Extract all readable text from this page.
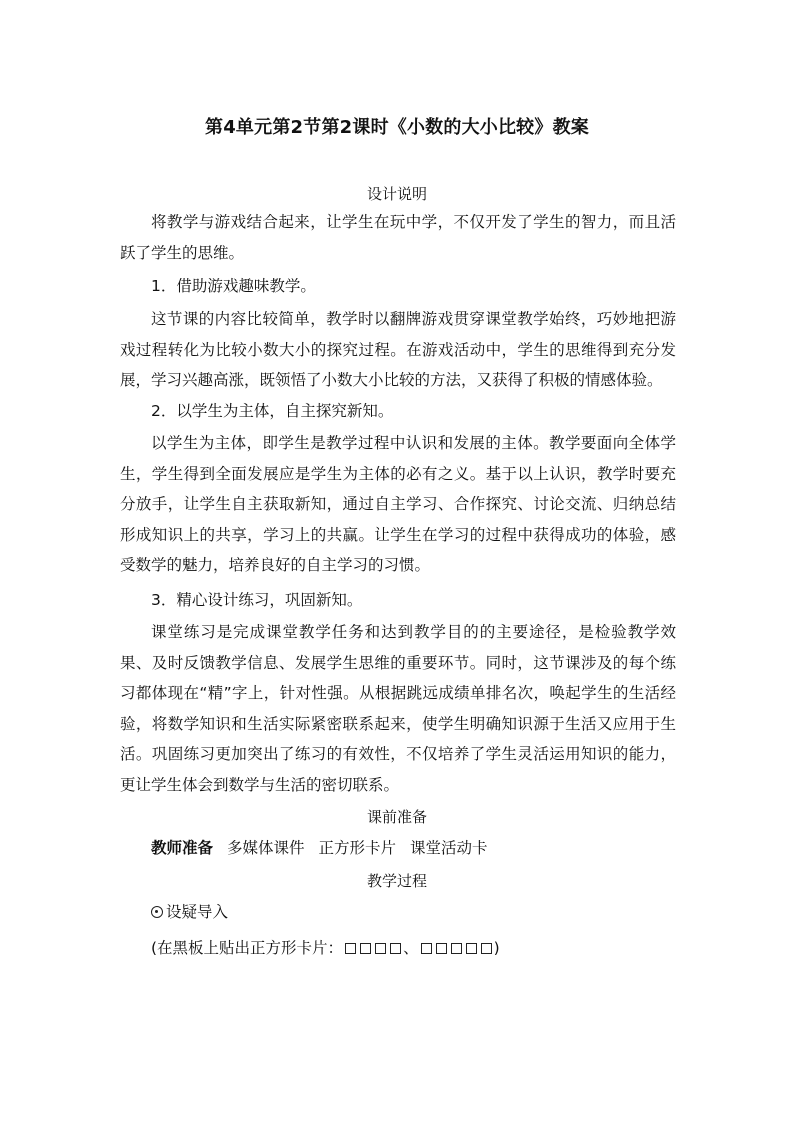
第4单元第2节第2课时《小数的大小比较》教案
设计说明

将教学与游戏结合起来，让学生在玩中学，不仅开发了学生的智力，而且活跃了学生的思维。

1．借助游戏趣味教学。

这节课的内容比较简单，教学时以翻牌游戏贯穿课堂教学始终，巧妙地把游戏过程转化为比较小数大小的探究过程。在游戏活动中，学生的思维得到充分发展，学习兴趣高涨，既领悟了小数大小比较的方法，又获得了积极的情感体验。

2．以学生为主体，自主探究新知。

以学生为主体，即学生是教学过程中认识和发展的主体。教学要面向全体学生，学生得到全面发展应是学生为主体的必有之义。基于以上认识，教学时要充分放手，让学生自主获取新知，通过自主学习、合作探究、讨论交流、归纳总结形成知识上的共享，学习上的共赢。让学生在学习的过程中获得成功的体验，感受数学的魅力，培养良好的自主学习的习惯。

3．精心设计练习，巩固新知。

课堂练习是完成课堂教学任务和达到教学目的的主要途径，是检验教学效果、及时反馈教学信息、发展学生思维的重要环节。同时，这节课涉及的每个练习都体现在“精”字上，针对性强。从根据跳远成绩单排名次，唤起学生的生活经验，将数学知识和生活实际紧密联系起来，使学生明确知识源于生活又应用于生活。巩固练习更加突出了练习的有效性，不仅培养了学生灵活运用知识的能力，更让学生体会到数学与生活的密切联系。

课前准备
教师准备 多媒体课件 正方形卡片 课堂活动卡
教学过程
设疑导入
(在黑板上贴出正方形卡片：	、	)
